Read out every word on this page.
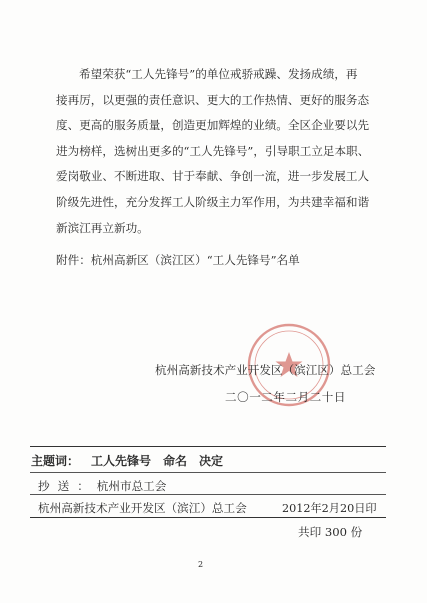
希望荣获“工人先锋号”的单位戒骄戒躁、发扬成绩，再

接再厉，以更强的责任意识、更大的工作热情、更好的服务态

度、更高的服务质量，创造更加辉煌的业绩。全区企业要以先

进为榜样，选树出更多的“工人先锋号”，引导职工立足本职、

爱岗敬业、不断进取、甘于奉献、争创一流，进一步发展工人

阶级先进性，充分发挥工人阶级主力军作用，为共建幸福和谐

新滨江再立新功。

附件：杭州高新区（滨江区）“工人先锋号”名单
杭州高新技术产业开发区（滨江区）总工会
二〇一二年二月二十日
主题词： 工人先锋号 命名 决定
抄送：杭州市总工会
杭州高新技术产业开发区（滨江）总工会	2012年2月20日印
共印 300 份
2
